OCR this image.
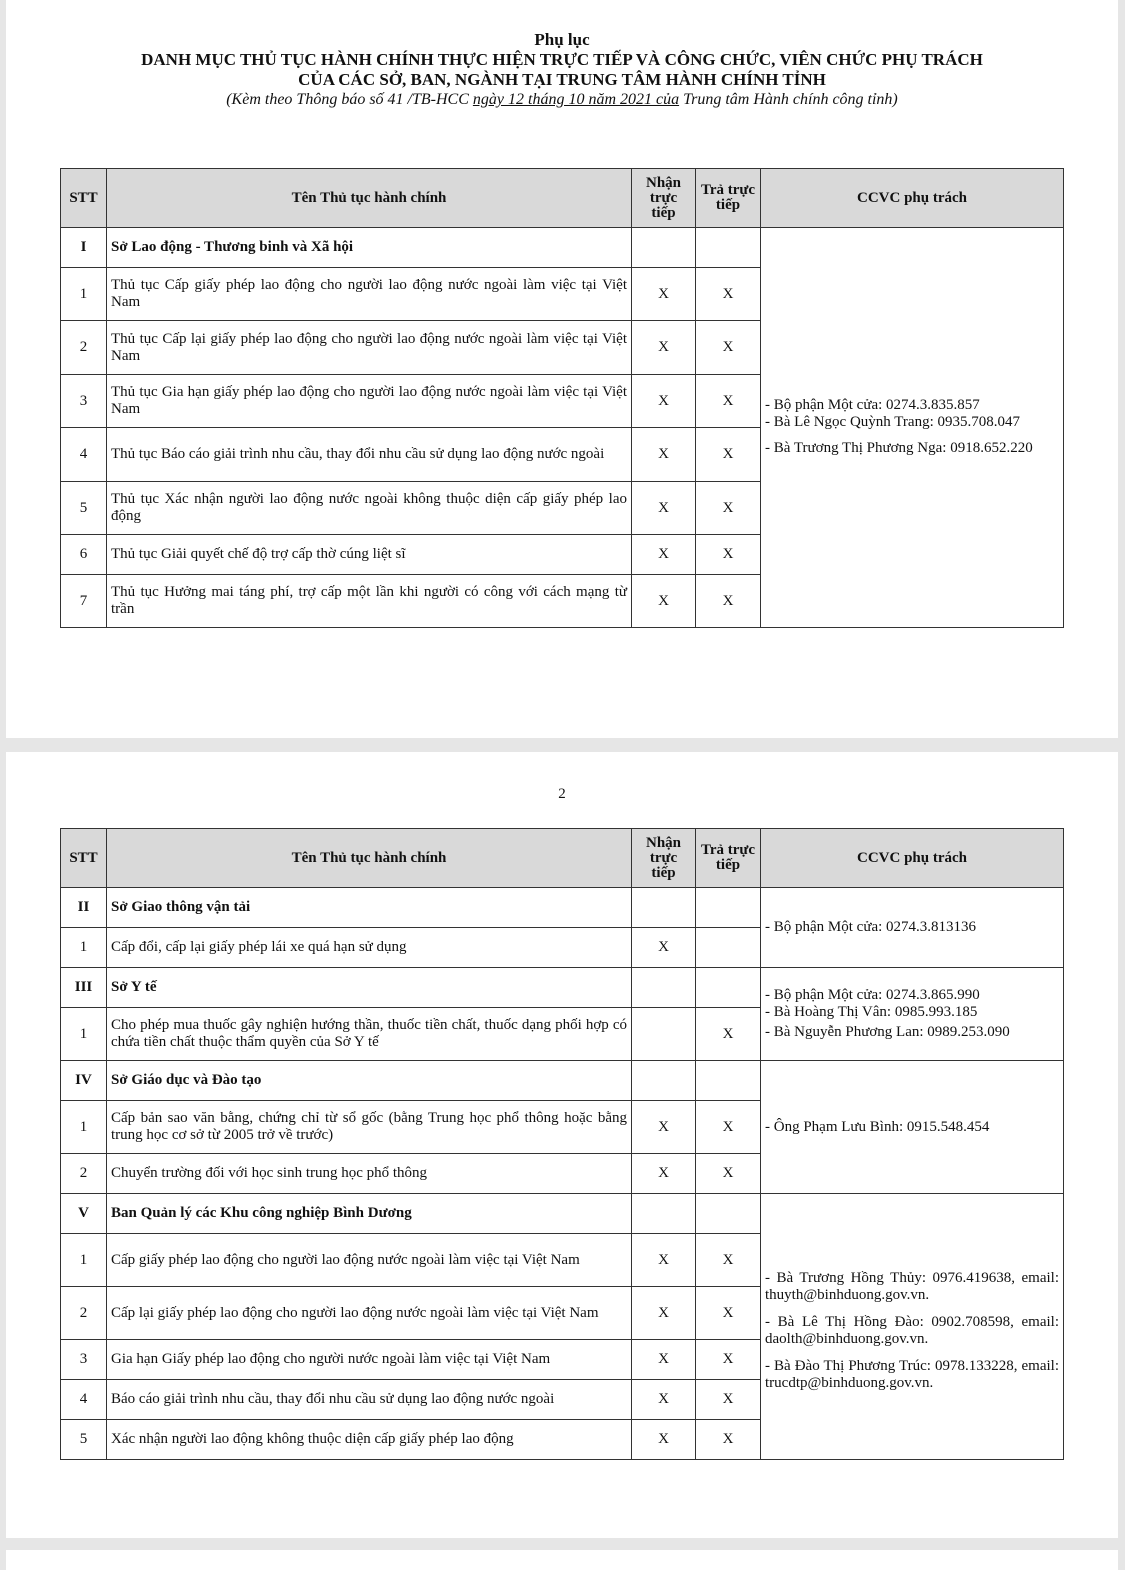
Phụ lục
DANH MỤC THỦ TỤC HÀNH CHÍNH THỰC HIỆN TRỰC TIẾP VÀ CÔNG CHỨC, VIÊN CHỨC PHỤ TRÁCH
CỦA CÁC SỞ, BAN, NGÀNH TẠI TRUNG TÂM HÀNH CHÍNH TỈNH
(Kèm theo Thông báo số 41 /TB-HCC ngày 12 tháng 10 năm 2021 của Trung tâm Hành chính công tỉnh)
STT	Tên Thủ tục hành chính	Nhận trực tiếp	Trả trực tiếp	CCVC phụ trách
I	Sở Lao động - Thương binh và Xã hội			- Bộ phận Một cửa: 0274.3.835.857
- Bà Lê Ngọc Quỳnh Trang: 0935.708.047
- Bà Trương Thị Phương Nga: 0918.652.220

1	Thủ tục Cấp giấy phép lao động cho người lao động nước ngoài làm việc tại Việt Nam	X	X	
2	Thủ tục Cấp lại giấy phép lao động cho người lao động nước ngoài làm việc tại Việt Nam	X	X	
3	Thủ tục Gia hạn giấy phép lao động cho người lao động nước ngoài làm việc tại Việt Nam	X	X	
4	Thủ tục Báo cáo giải trình nhu cầu, thay đổi nhu cầu sử dụng lao động nước ngoài	X	X	
5	Thủ tục Xác nhận người lao động nước ngoài không thuộc diện cấp giấy phép lao động	X	X	
6	Thủ tục Giải quyết chế độ trợ cấp thờ cúng liệt sĩ	X	X	
7	Thủ tục Hưởng mai táng phí, trợ cấp một lần khi người có công với cách mạng từ trần	X	X	
2
STT	Tên Thủ tục hành chính	Nhận trực tiếp	Trả trực tiếp	CCVC phụ trách
II	Sở Giao thông vận tải			- Bộ phận Một cửa: 0274.3.813136

1	Cấp đổi, cấp lại giấy phép lái xe quá hạn sử dụng	X		
III	Sở Y tế			- Bộ phận Một cửa: 0274.3.865.990
- Bà Hoàng Thị Vân: 0985.993.185
- Bà Nguyễn Phương Lan: 0989.253.090

1	Cho phép mua thuốc gây nghiện hướng thần, thuốc tiền chất, thuốc dạng phối hợp có chứa tiền chất thuộc thẩm quyền của Sở Y tế		X	
IV	Sở Giáo dục và Đào tạo			- Ông Phạm Lưu Bình: 0915.548.454

1	Cấp bản sao văn bằng, chứng chỉ từ sổ gốc (bằng Trung học phổ thông hoặc bằng trung học cơ sở từ 2005 trở về trước)	X	X	
2	Chuyển trường đối với học sinh trung học phổ thông	X	X	
V	Ban Quản lý các Khu công nghiệp Bình Dương			- Bà Trương Hồng Thủy: 0976.419638, email: thuyth@binhduong.gov.vn.
- Bà Lê Thị Hồng Đào: 0902.708598, email: daolth@binhduong.gov.vn.
- Bà Đào Thị Phương Trúc: 0978.133228, email: trucdtp@binhduong.gov.vn.

1	Cấp giấy phép lao động cho người lao động nước ngoài làm việc tại Việt Nam	X	X	
2	Cấp lại giấy phép lao động cho người lao động nước ngoài làm việc tại Việt Nam	X	X	
3	Gia hạn Giấy phép lao động cho người nước ngoài làm việc tại Việt Nam	X	X	
4	Báo cáo giải trình nhu cầu, thay đổi nhu cầu sử dụng lao động nước ngoài	X	X	
5	Xác nhận người lao động không thuộc diện cấp giấy phép lao động	X	X	
